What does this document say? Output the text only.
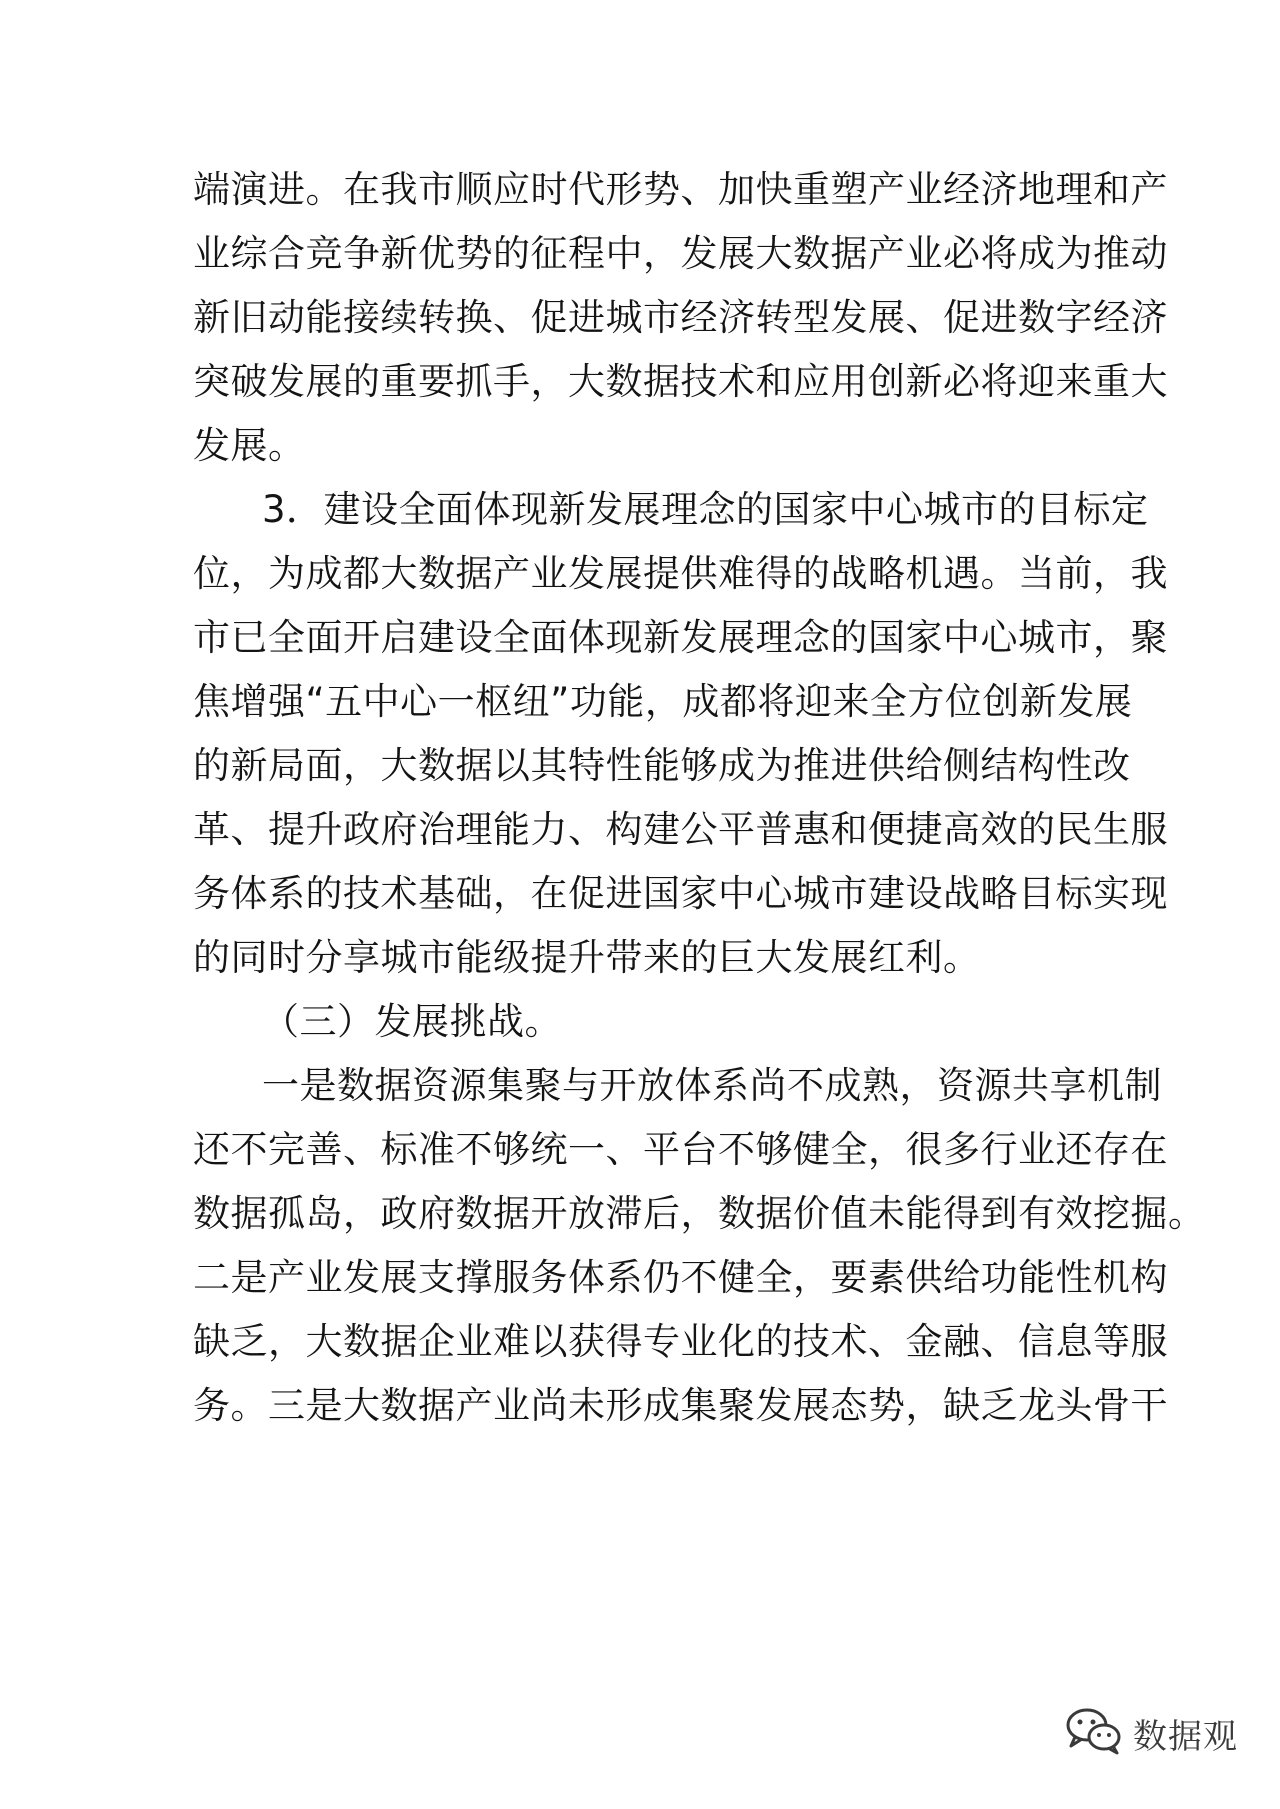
端演进。在我市顺应时代形势、加快重塑产业经济地理和产
业综合竞争新优势的征程中，发展大数据产业必将成为推动
新旧动能接续转换、促进城市经济转型发展、促进数字经济
突破发展的重要抓手，大数据技术和应用创新必将迎来重大
发展。
3．建设全面体现新发展理念的国家中心城市的目标定
位，为成都大数据产业发展提供难得的战略机遇。当前，我
市已全面开启建设全面体现新发展理念的国家中心城市，聚
焦增强“五中心一枢纽”功能，成都将迎来全方位创新发展
的新局面，大数据以其特性能够成为推进供给侧结构性改
革、提升政府治理能力、构建公平普惠和便捷高效的民生服
务体系的技术基础，在促进国家中心城市建设战略目标实现
的同时分享城市能级提升带来的巨大发展红利。
（三）发展挑战。
一是数据资源集聚与开放体系尚不成熟，资源共享机制
还不完善、标准不够统一、平台不够健全，很多行业还存在
数据孤岛，政府数据开放滞后，数据价值未能得到有效挖掘。
二是产业发展支撑服务体系仍不健全，要素供给功能性机构
缺乏，大数据企业难以获得专业化的技术、金融、信息等服
务。三是大数据产业尚未形成集聚发展态势，缺乏龙头骨干
数据观
